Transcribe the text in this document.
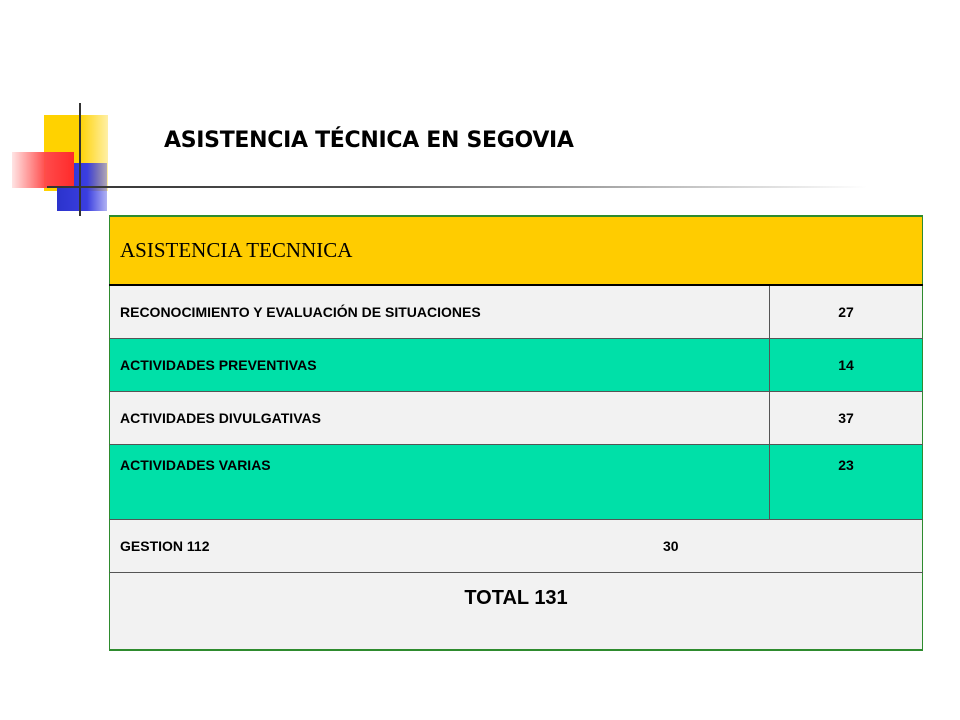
ASISTENCIA TÉCNICA EN SEGOVIA
ASISTENCIA TECNNICA	
RECONOCIMIENTO Y EVALUACIÓN DE SITUACIONES	27
ACTIVIDADES PREVENTIVAS	14
ACTIVIDADES DIVULGATIVAS	37
ACTIVIDADES VARIAS	23

GESTION 112 30	

TOTAL 131	
